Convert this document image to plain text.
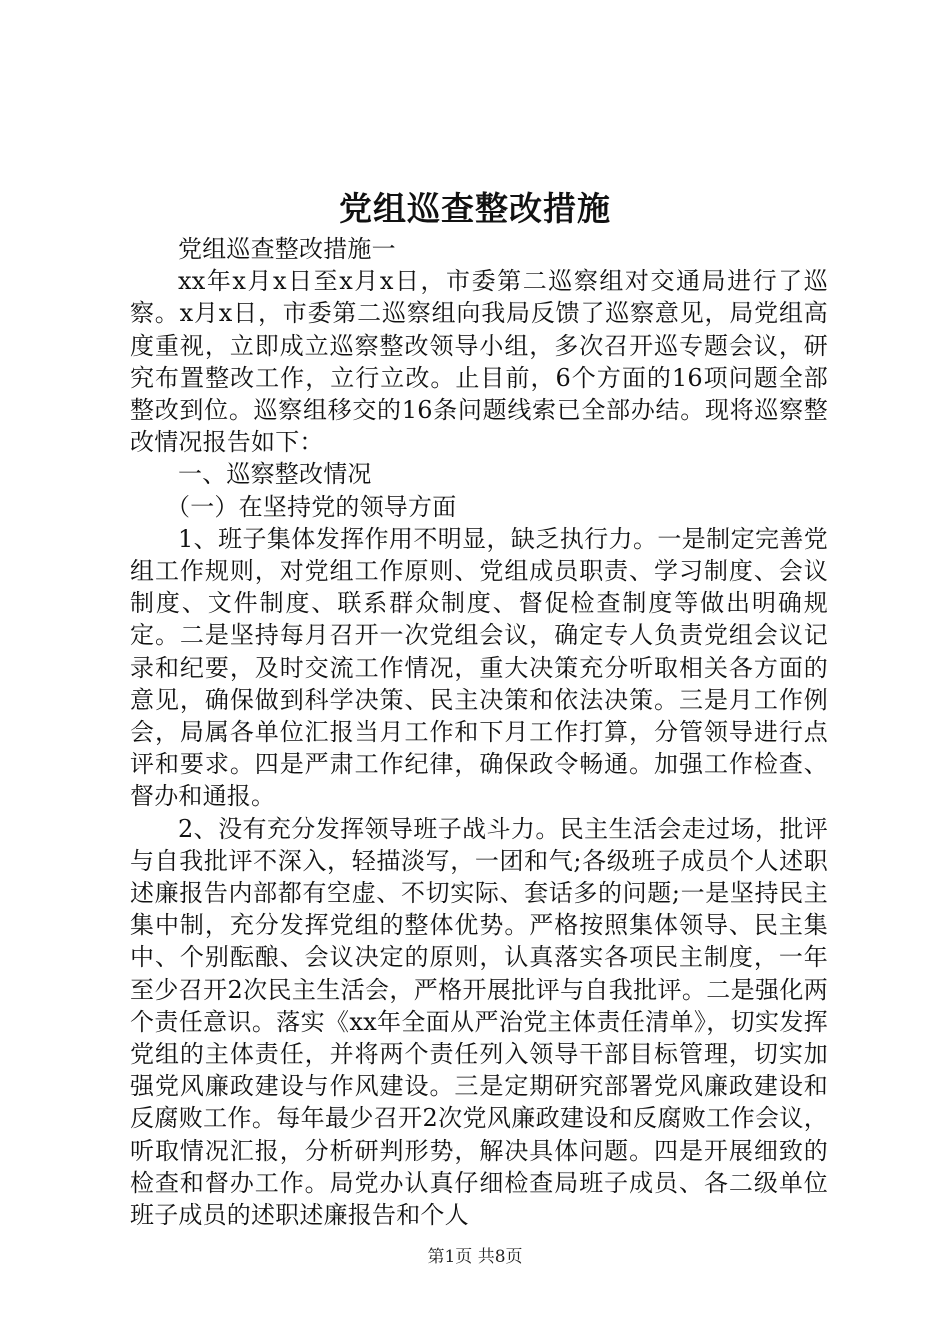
党组巡查整改措施

党组巡查整改措施一

xx年x月x日至x月x日，市委第二巡察组对交通局进行了巡察。x月x日，市委第二巡察组向我局反馈了巡察意见，局党组高度重视，立即成立巡察整改领导小组，多次召开巡专题会议，研究布置整改工作，立行立改。止目前，6个方面的16项问题全部整改到位。巡察组移交的16条问题线索已全部办结。现将巡察整改情况报告如下：

一、巡察整改情况

（一）在坚持党的领导方面

1、班子集体发挥作用不明显，缺乏执行力。一是制定完善党组工作规则，对党组工作原则、党组成员职责、学习制度、会议制度、文件制度、联系群众制度、督促检查制度等做出明确规定。二是坚持每月召开一次党组会议，确定专人负责党组会议记录和纪要，及时交流工作情况，重大决策充分听取相关各方面的意见，确保做到科学决策、民主决策和依法决策。三是月工作例会，局属各单位汇报当月工作和下月工作打算，分管领导进行点评和要求。四是严肃工作纪律，确保政令畅通。加强工作检查、督办和通报。

2、没有充分发挥领导班子战斗力。民主生活会走过场，批评与自我批评不深入，轻描淡写，一团和气;各级班子成员个人述职述廉报告内部都有空虚、不切实际、套话多的问题;一是坚持民主集中制，充分发挥党组的整体优势。严格按照集体领导、民主集中、个别酝酿、会议决定的原则，认真落实各项民主制度，一年至少召开2次民主生活会，严格开展批评与自我批评。二是强化两个责任意识。落实《xx年全面从严治党主体责任清单》，切实发挥党组的主体责任，并将两个责任列入领导干部目标管理，切实加强党风廉政建设与作风建设。三是定期研究部署党风廉政建设和反腐败工作。每年最少召开2次党风廉政建设和反腐败工作会议，听取情况汇报，分析研判形势，解决具体问题。四是开展细致的检查和督办工作。局党办认真仔细检查局班子成员、各二级单位班子成员的述职述廉报告和个人

第1页 共8页
